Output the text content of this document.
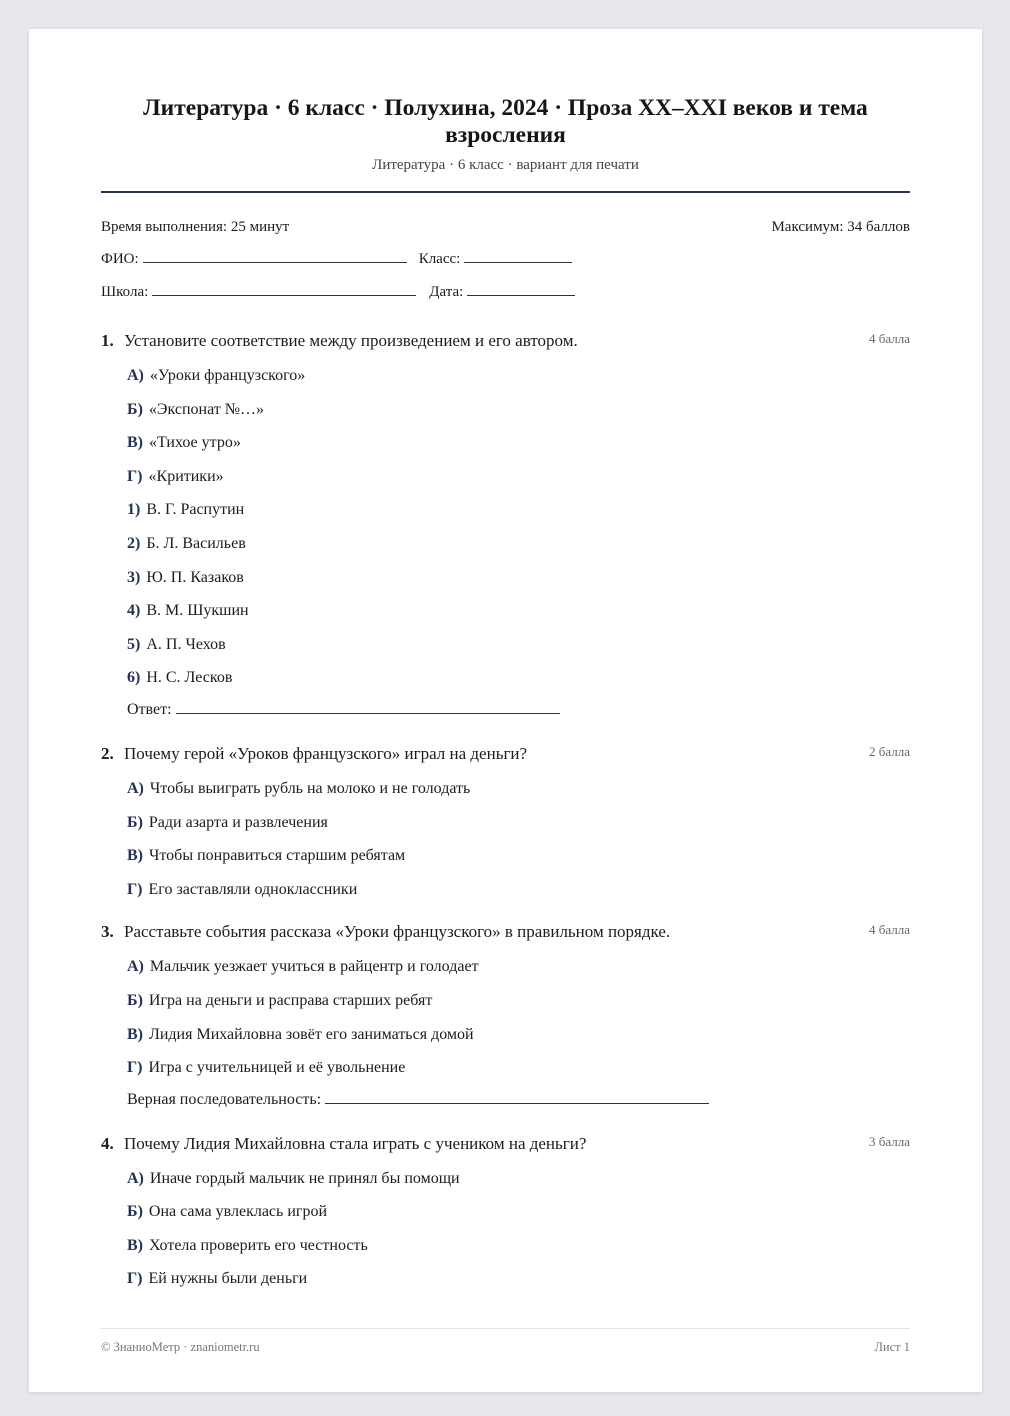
Литература · 6 класс · Полухина, 2024 · Проза XX–XXI веков и тема взросления
Литература · 6 класс · вариант для печати
Время выполнения: 25 минут	Максимум: 34 баллов
ФИО:	Класс:
Школа:	Дата:
1. Установите соответствие между произведением и его автором.	4 балла
А) «Уроки французского»
Б) «Экспонат №…»
В) «Тихое утро»
Г) «Критики»
1) В. Г. Распутин
2) Б. Л. Васильев
3) Ю. П. Казаков
4) В. М. Шукшин
5) А. П. Чехов
6) Н. С. Лесков
Ответ:
2. Почему герой «Уроков французского» играл на деньги?	2 балла
А) Чтобы выиграть рубль на молоко и не голодать
Б) Ради азарта и развлечения
В) Чтобы понравиться старшим ребятам
Г) Его заставляли одноклассники
3. Расставьте события рассказа «Уроки французского» в правильном порядке.	4 балла
А) Мальчик уезжает учиться в райцентр и голодает
Б) Игра на деньги и расправа старших ребят
В) Лидия Михайловна зовёт его заниматься домой
Г) Игра с учительницей и её увольнение
Верная последовательность:
4. Почему Лидия Михайловна стала играть с учеником на деньги?	3 балла
А) Иначе гордый мальчик не принял бы помощи
Б) Она сама увлеклась игрой
В) Хотела проверить его честность
Г) Ей нужны были деньги
© ЗнаниоМетр · znaniometr.ru	Лист 1
